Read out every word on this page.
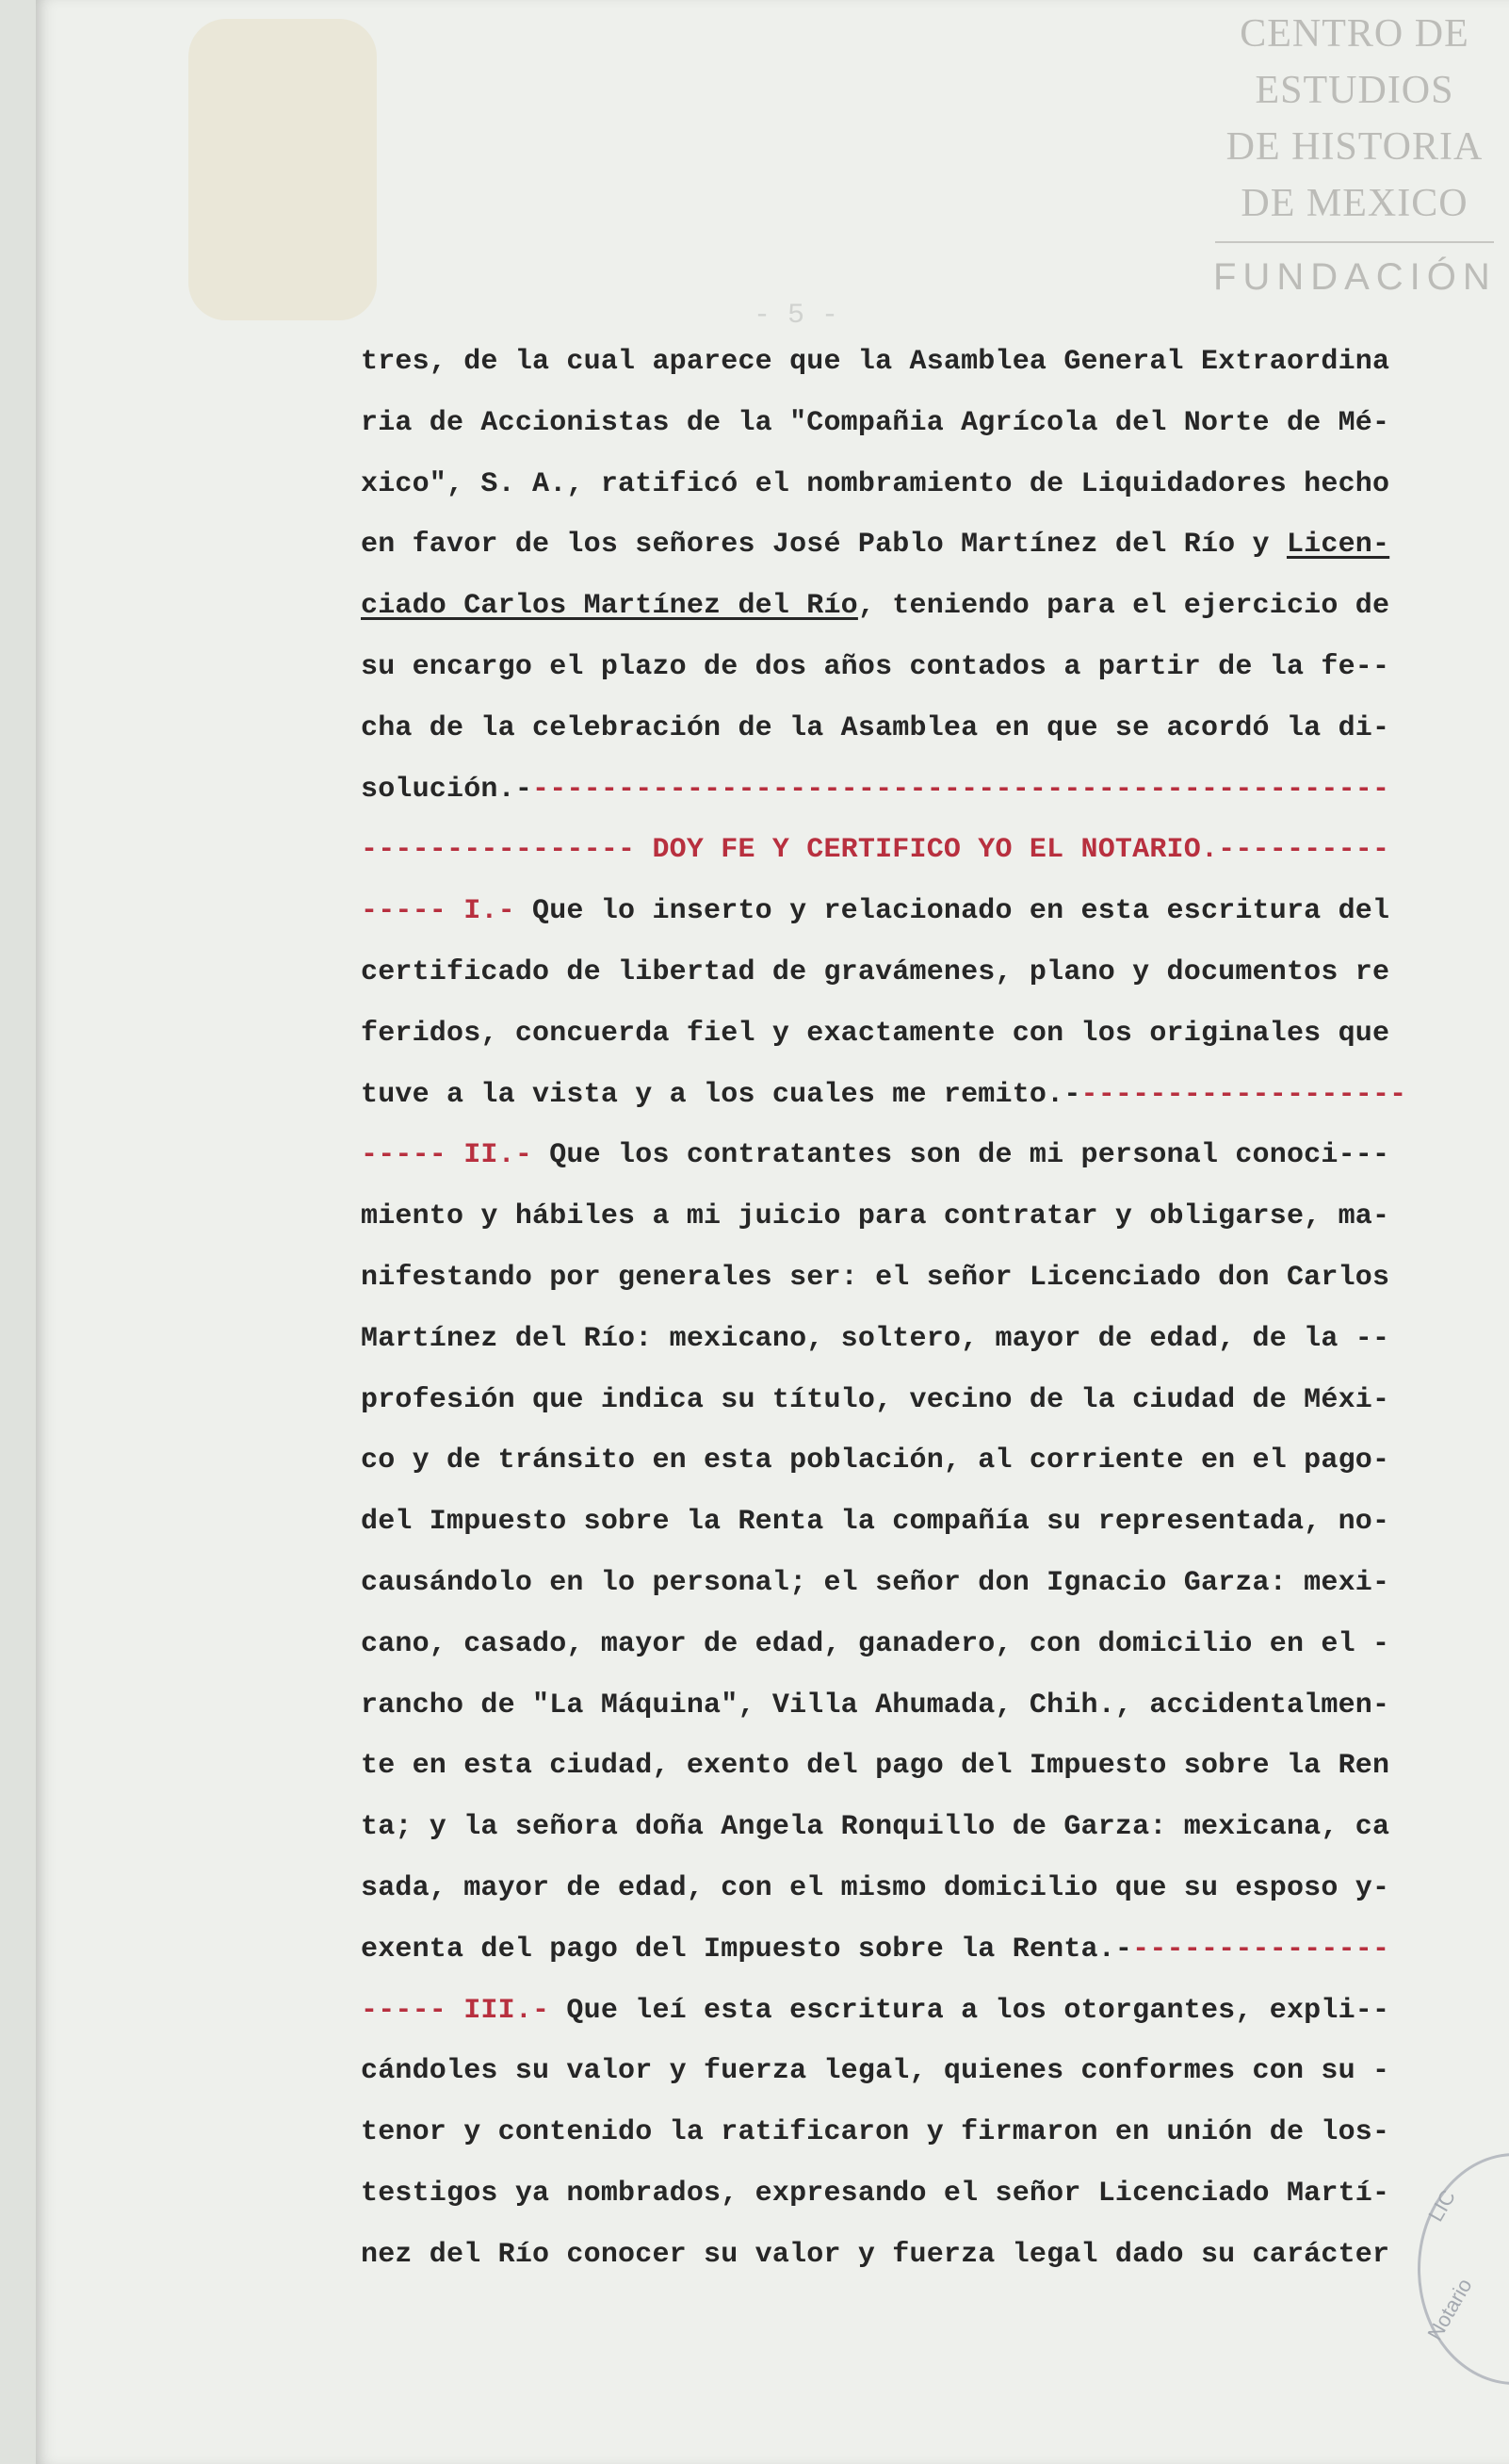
CENTRO DE
ESTUDIOS
DE HISTORIA
DE MEXICO
FUNDACIÓN
- 5 -
tres, de la cual aparece que la Asamblea General Extraordina
ria de Accionistas de la "Compañia Agrícola del Norte de Mé-
xico", S. A., ratificó el nombramiento de Liquidadores hecho
en favor de los señores José Pablo Martínez del Río y Licen-
ciado Carlos Martínez del Río, teniendo para el ejercicio de
su encargo el plazo de dos años contados a partir de la fe--
cha de la celebración de la Asamblea en que se acordó la di-
solución.---------------------------------------------------
---------------- DOY FE Y CERTIFICO YO EL NOTARIO.----------
----- I.- Que lo inserto y relacionado en esta escritura del
certificado de libertad de gravámenes, plano y documentos re
feridos, concuerda fiel y exactamente con los originales que
tuve a la vista y a los cuales me remito.--------------------
----- II.- Que los contratantes son de mi personal conoci---
miento y hábiles a mi juicio para contratar y obligarse, ma-
nifestando por generales ser: el señor Licenciado don Carlos
Martínez del Río: mexicano, soltero, mayor de edad, de la --
profesión que indica su título, vecino de la ciudad de Méxi-
co y de tránsito en esta población, al corriente en el pago-
del Impuesto sobre la Renta la compañía su representada, no-
causándolo en lo personal; el señor don Ignacio Garza: mexi-
cano, casado, mayor de edad, ganadero, con domicilio en el -
rancho de "La Máquina", Villa Ahumada, Chih., accidentalmen-
te en esta ciudad, exento del pago del Impuesto sobre la Ren
ta; y la señora doña Angela Ronquillo de Garza: mexicana, ca
sada, mayor de edad, con el mismo domicilio que su esposo y-
exenta del pago del Impuesto sobre la Renta.----------------
----- III.- Que leí esta escritura a los otorgantes, expli--
cándoles su valor y fuerza legal, quienes conformes con su -
tenor y contenido la ratificaron y firmaron en unión de los-
testigos ya nombrados, expresando el señor Licenciado Martí-
nez del Río conocer su valor y fuerza legal dado su carácter
LIC
Notario
